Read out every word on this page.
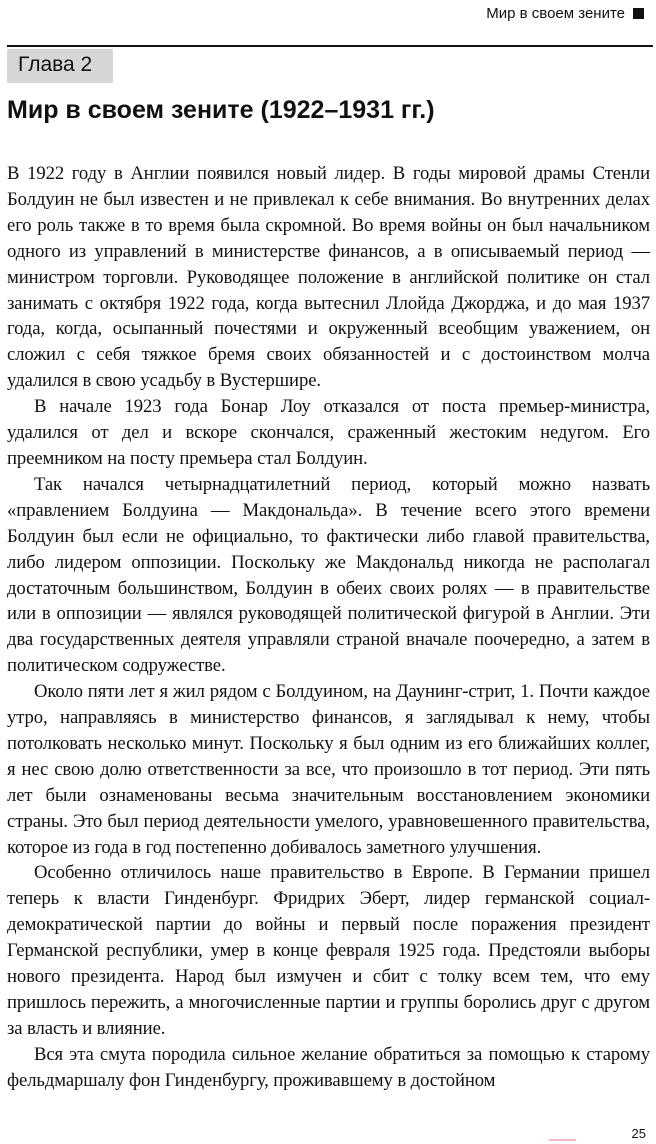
Мир в своем зените
Глава 2
Мир в своем зените (1922–1931 гг.)

В 1922 году в Англии появился новый лидер. В годы мировой драмы Стенли Болдуин не был известен и не привлекал к себе внимания. Во внутренних делах его роль также в то время была скромной. Во время войны он был начальником одного из управлений в министерстве финансов, а в описываемый период — министром торговли. Руководящее положение в английской политике он стал занимать с октября 1922 года, когда вытеснил Ллойда Джорджа, и до мая 1937 года, когда, осыпанный почестями и окруженный всеобщим уважением, он сложил с себя тяжкое бремя своих обязанностей и с достоинством молча удалился в свою усадьбу в Вустершире.

В начале 1923 года Бонар Лоу отказался от поста премьер-министра, удалился от дел и вскоре скончался, сраженный жестоким недугом. Его преемником на посту премьера стал Болдуин.

Так начался четырнадцатилетний период, который можно назвать «правлением Болдуина — Макдональда». В течение всего этого времени Болдуин был если не официально, то фактически либо главой правительства, либо лидером оппозиции. Поскольку же Макдональд никогда не располагал достаточным большинством, Болдуин в обеих своих ролях — в правительстве или в оппозиции — являлся руководящей политической фигурой в Англии. Эти два государственных деятеля управляли страной вначале поочередно, а затем в политическом содружестве.

Около пяти лет я жил рядом с Болдуином, на Даунинг-стрит, 1. Почти каждое утро, направляясь в министерство финансов, я заглядывал к нему, чтобы потолковать несколько минут. Поскольку я был одним из его ближайших коллег, я нес свою долю ответственности за все, что произошло в тот период. Эти пять лет были ознаменованы весьма значительным восстановлением экономики страны. Это был период деятельности умелого, уравновешенного правительства, которое из года в год постепенно добивалось заметного улучшения.

Особенно отличилось наше правительство в Европе. В Германии пришел теперь к власти Гинденбург. Фридрих Эберт, лидер германской социал-демократической партии до войны и первый после поражения президент Германской республики, умер в конце февраля 1925 года. Предстояли выборы нового президента. Народ был измучен и сбит с толку всем тем, что ему пришлось пережить, а многочисленные партии и группы боролись друг с другом за власть и влияние.

Вся эта смута породила сильное желание обратиться за помощью к старому фельдмаршалу фон Гинденбургу, проживавшему в достойном

25
